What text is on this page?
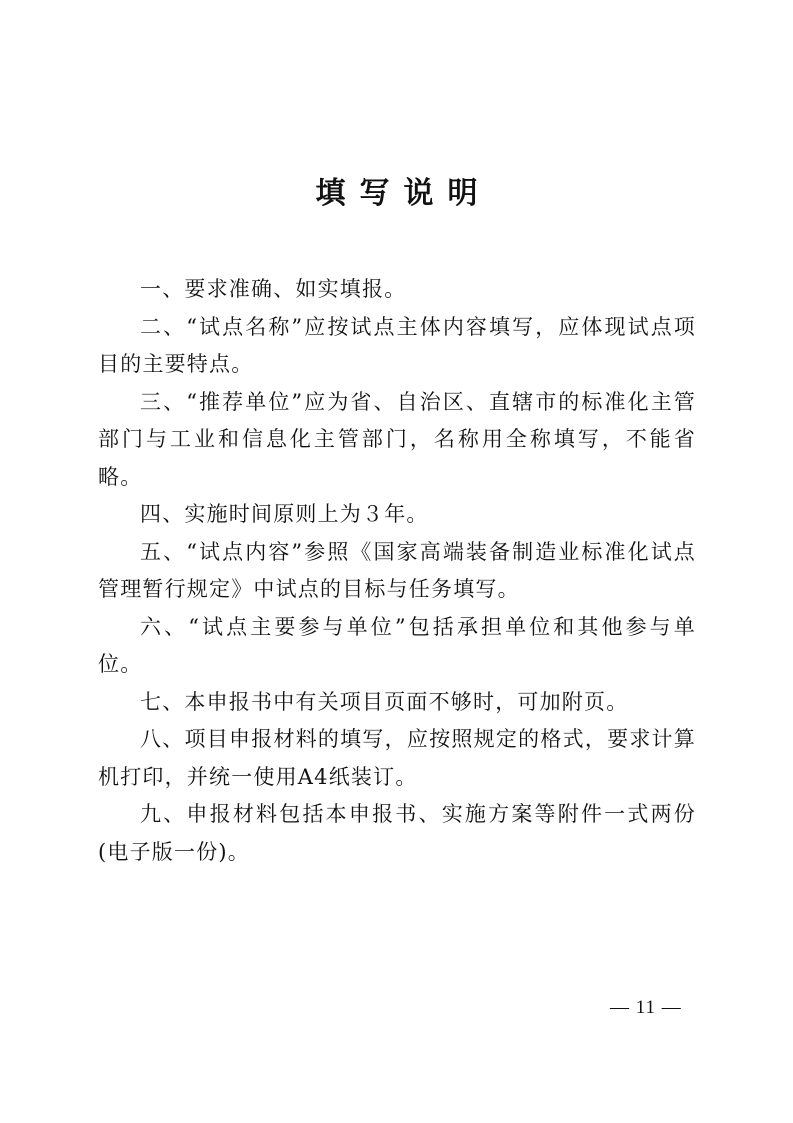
填写说明

一、要求准确、如实填报。

二、“试点名称”应按试点主体内容填写，应体现试点项目的主要特点。

三、“推荐单位”应为省、自治区、直辖市的标准化主管部门与工业和信息化主管部门，名称用全称填写，不能省略。

四、实施时间原则上为３年。

五、“试点内容”参照《国家高端装备制造业标准化试点管理暂行规定》中试点的目标与任务填写。

六、“试点主要参与单位”包括承担单位和其他参与单位。

七、本申报书中有关项目页面不够时，可加附页。

八、项目申报材料的填写，应按照规定的格式，要求计算机打印，并统一使用A4纸装订。

九、申报材料包括本申报书、实施方案等附件一式两份(电子版一份)。

— 11 —
